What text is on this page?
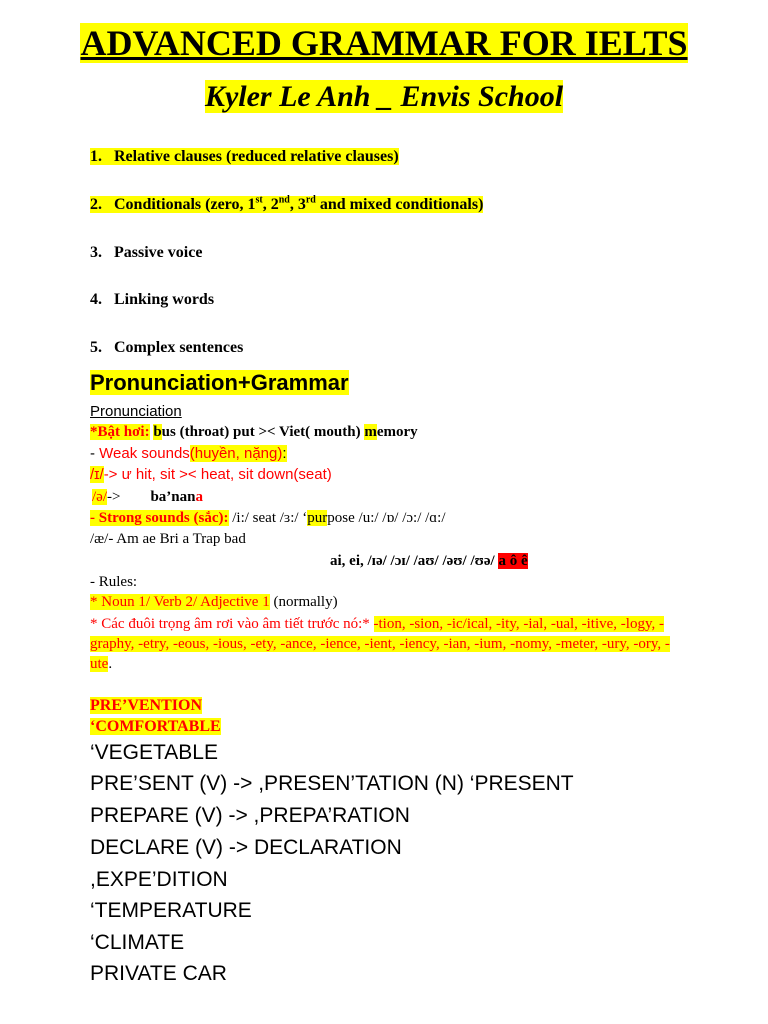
ADVANCED GRAMMAR FOR IELTS
Kyler Le Anh _ Envis School
1. Relative clauses (reduced relative clauses)
2. Conditionals (zero, 1st, 2nd, 3rd and mixed conditionals)
3. Passive voice
4. Linking words
5. Complex sentences
Pronunciation+Grammar
Pronunciation
*Bật hơi: bus (throat) put >< Viet( mouth) memory
- Weak sounds(huyền, nặng):
/ɪ/-> ư hit, sit >< heat, sit down(seat)
/ə/-> ba’nana
- Strong sounds (sắc): /i:/ seat /ɜ:/ ‘purpose /u:/ /ɒ/ /ɔ:/ /ɑ:/
/æ/- Am ae Bri a Trap bad
ai, ei, /ɪə/ /ɔɪ/ /aʊ/ /əʊ/ /ʊə/ a ô ê
- Rules:
* Noun 1/ Verb 2/ Adjective 1 (normally)
* Các đuôi trọng âm rơi vào âm tiết trước nó:* -tion, -sion, -ic/ical, -ity, -ial, -ual, -itive, -logy, -graphy, -etry, -eous, -ious, -ety, -ance, -ience, -ient, -iency, -ian, -ium, -nomy, -meter, -ury, -ory, -ute.
PRE’VENTION
‘COMFORTABLE
‘VEGETABLE
PRE’SENT (V) -> ,PRESEN’TATION (N) ‘PRESENT
PREPARE (V) -> ,PREPA’RATION
DECLARE (V) -> DECLARATION
,EXPE’DITION
‘TEMPERATURE
‘CLIMATE
PRIVATE CAR
